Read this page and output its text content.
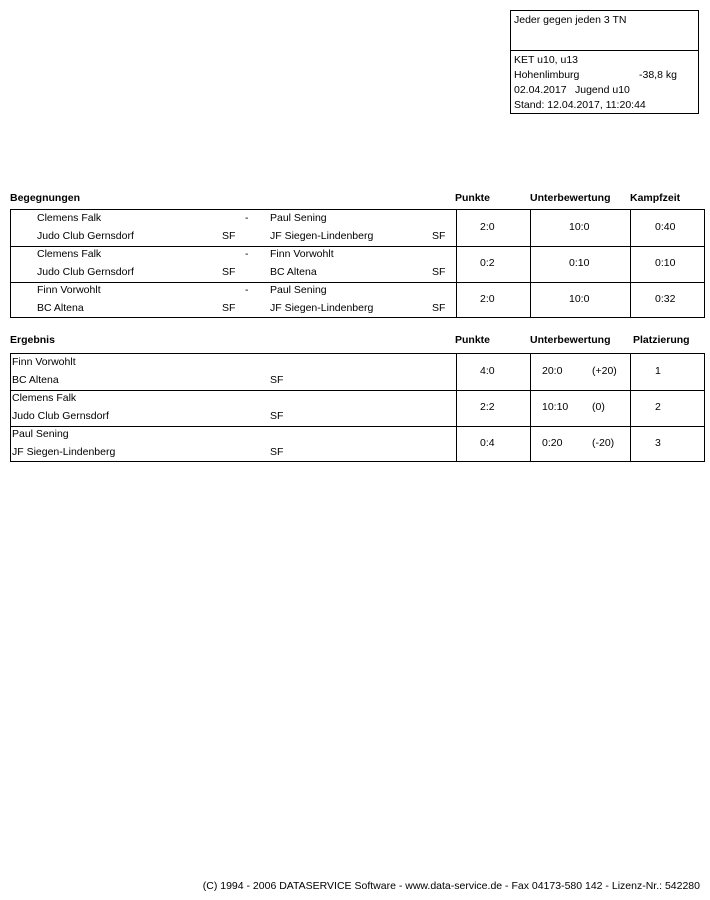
Jeder gegen jeden 3 TN
KET u10, u13
Hohenlimburg	-38,8 kg
02.04.2017 Jugend u10
Stand: 12.04.2017, 11:20:44
Begegnungen	Punkte	Unterbewertung Kampfzeit
Clemens Falk	- Paul Sening
Judo Club Gernsdorf	SF	JF Siegen-Lindenberg	SF
2:0	10:0	0:40
Clemens Falk	- Finn Vorwohlt
Judo Club Gernsdorf	SF	BC Altena	SF
0:2	0:10	0:10
Finn Vorwohlt	- Paul Sening
BC Altena	SF	JF Siegen-Lindenberg	SF
2:0	10:0	0:32
Ergebnis	Punkte	Unterbewertung Platzierung
Finn Vorwohlt
BC Altena	SF
4:0	20:0	(+20)	1
Clemens Falk
Judo Club Gernsdorf	SF
2:2	10:10 (0)	2
Paul Sening
JF Siegen-Lindenberg	SF
0:4	0:20	(-20)	3
(C) 1994 - 2006 DATASERVICE Software - www.data-service.de - Fax 04173-580 142 - Lizenz-Nr.: 542280
